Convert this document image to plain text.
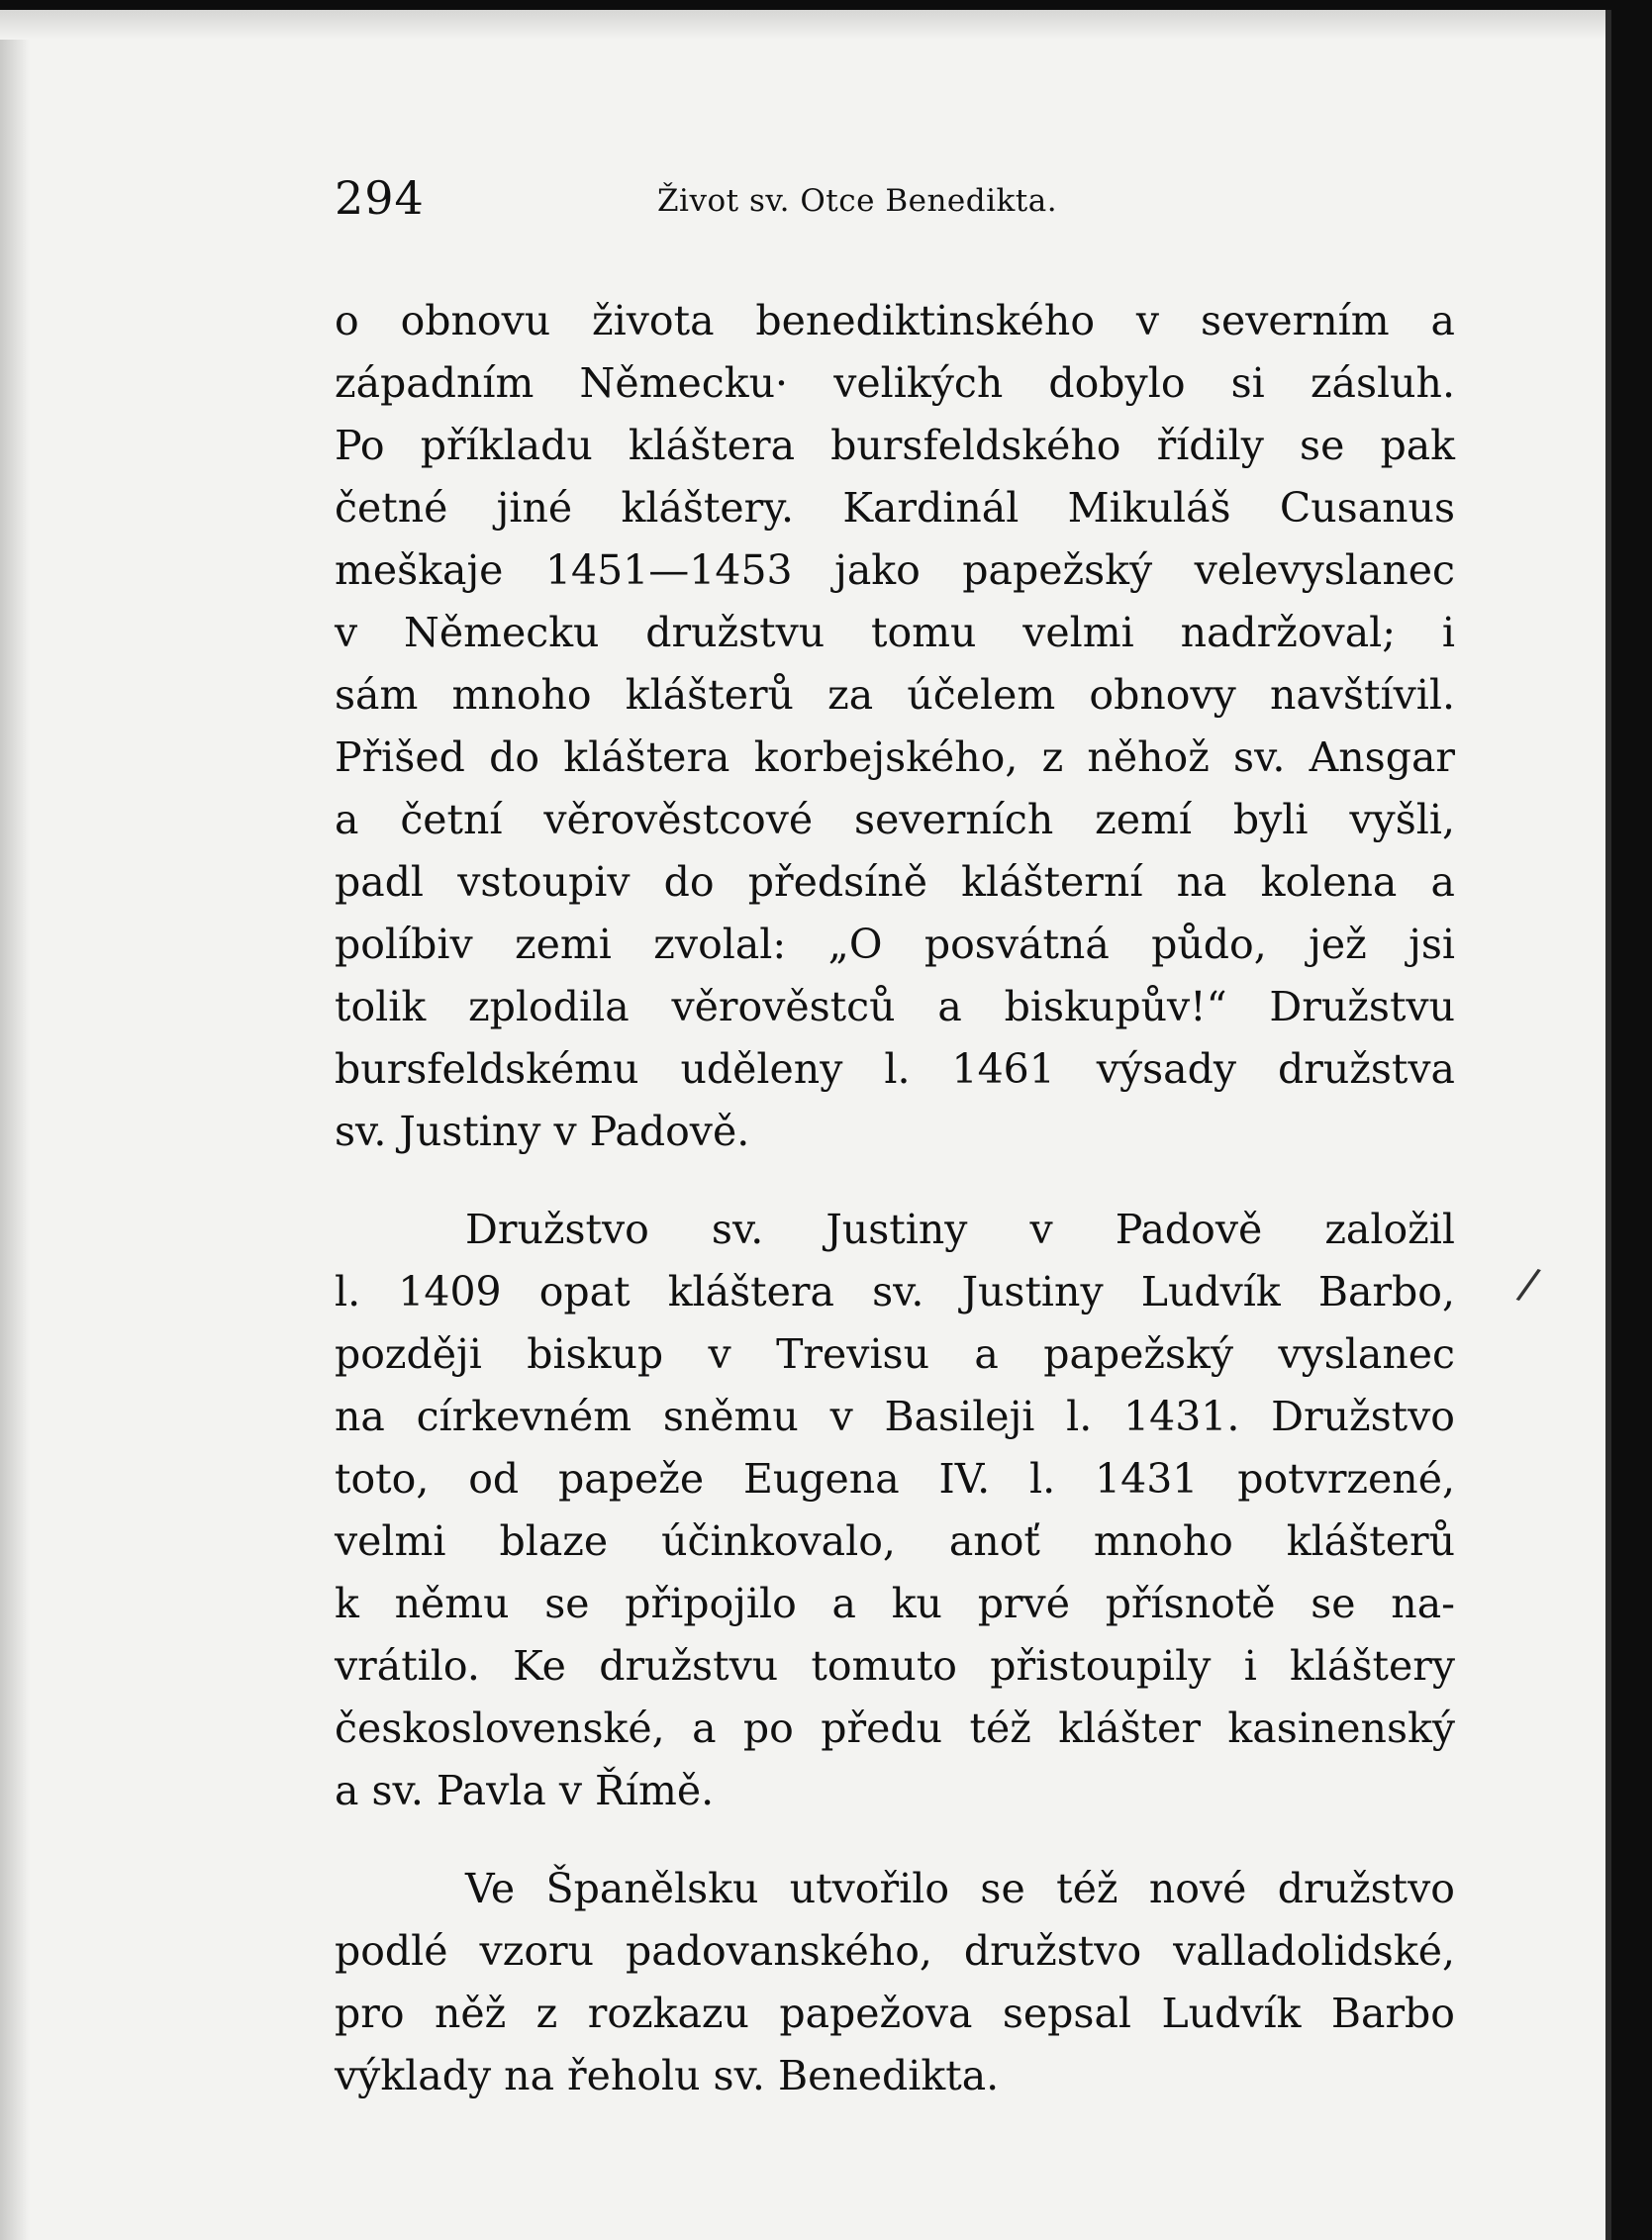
294	Život sv. Otce Benedikta.
o obnovu života benediktinského v severním a
západním Německu· velikých dobylo si zásluh.
Po příkladu kláštera bursfeldského řídily se pak
četné jiné kláštery. Kardinál Mikuláš Cusanus
meškaje 1451—1453 jako papežský velevyslanec
v Německu družstvu tomu velmi nadržoval; i
sám mnoho klášterů za účelem obnovy navštívil.
Přišed do kláštera korbejského, z něhož sv. Ansgar
a četní věrověstcové severních zemí byli vyšli,
padl vstoupiv do předsíně klášterní na kolena a
políbiv zemi zvolal: „O posvátná půdo, jež jsi
tolik zplodila věrověstců a biskupův!“ Družstvu
bursfeldskému uděleny l. 1461 výsady družstva
sv. Justiny v Padově.
Družstvo sv. Justiny v Padově založil
l. 1409 opat kláštera sv. Justiny Ludvík Barbo,
později biskup v Trevisu a papežský vyslanec
na církevném sněmu v Basileji l. 1431. Družstvo
toto, od papeže Eugena IV. l. 1431 potvrzené,
velmi blaze účinkovalo, anoť mnoho klášterů
k němu se připojilo a ku prvé přísnotě se na-
vrátilo. Ke družstvu tomuto přistoupily i kláštery
československé, a po předu též klášter kasinenský
a sv. Pavla v Římě.
Ve Španělsku utvořilo se též nové družstvo
podlé vzoru padovanského, družstvo valladolidské,
pro něž z rozkazu papežova sepsal Ludvík Barbo
výklady na řeholu sv. Benedikta.
/
